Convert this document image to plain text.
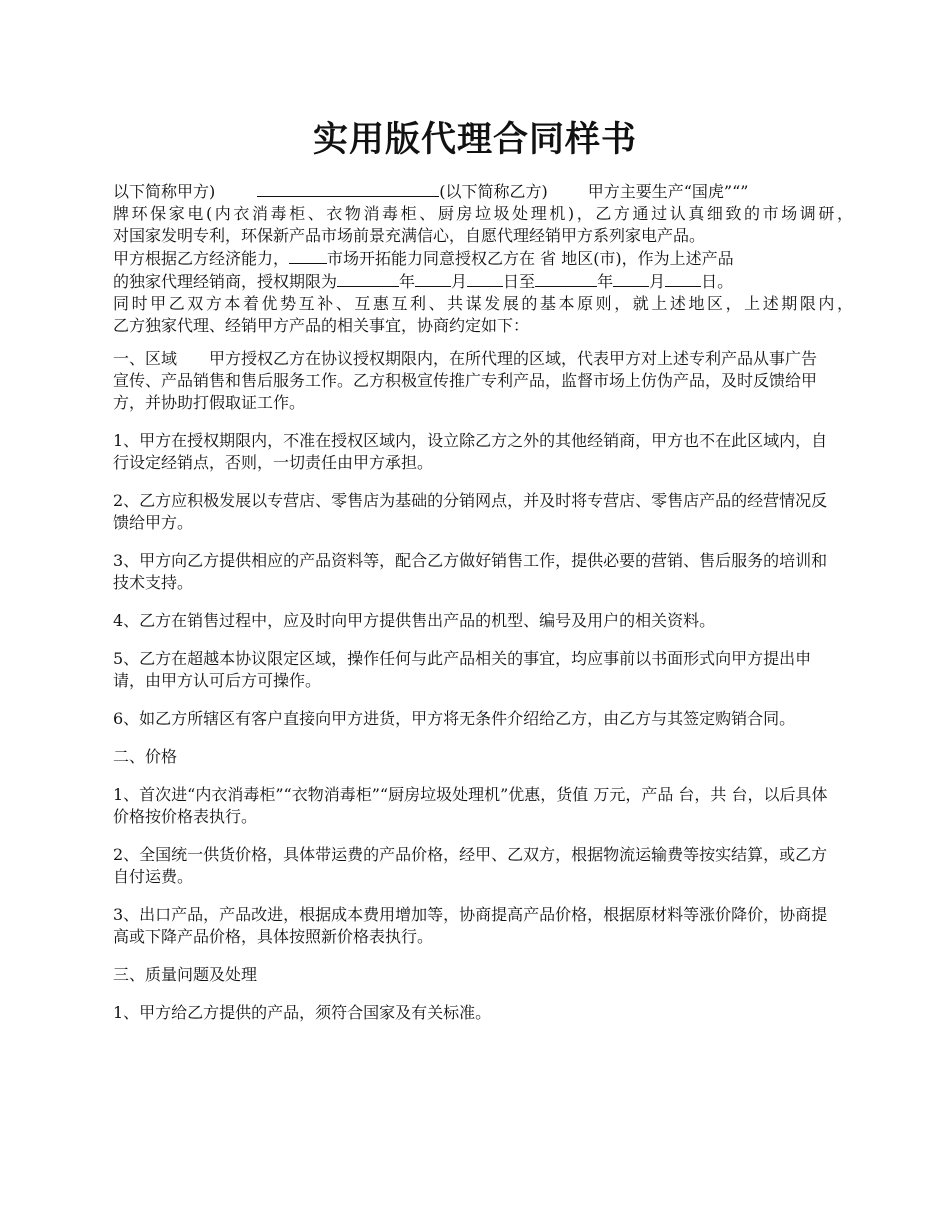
实用版代理合同样书
以下简称甲方)	(以下简称乙方)	甲方主要生产“国虎”“”
牌环保家电(内衣消毒柜、衣物消毒柜、厨房垃圾处理机)，乙方通过认真细致的市场调研，
对国家发明专利，环保新产品市场前景充满信心，自愿代理经销甲方系列家电产品。
甲方根据乙方经济能力， 市场开拓能力同意授权乙方在 省 地区(市)，作为上述产品
的独家代理经销商，授权期限为	年 月 日至	年 月 日。
同时甲乙双方本着优势互补、互惠互利、共谋发展的基本原则，就上述地区，上述期限内，
乙方独家代理、经销甲方产品的相关事宜，协商约定如下：

一、区域　　甲方授权乙方在协议授权期限内，在所代理的区域，代表甲方对上述专利产品从事广告宣传、产品销售和售后服务工作。乙方积极宣传推广专利产品，监督市场上仿伪产品，及时反馈给甲方，并协助打假取证工作。

1、甲方在授权期限内，不准在授权区域内，设立除乙方之外的其他经销商，甲方也不在此区域内，自行设定经销点，否则，一切责任由甲方承担。

2、乙方应积极发展以专营店、零售店为基础的分销网点，并及时将专营店、零售店产品的经营情况反馈给甲方。

3、甲方向乙方提供相应的产品资料等，配合乙方做好销售工作，提供必要的营销、售后服务的培训和技术支持。

4、乙方在销售过程中，应及时向甲方提供售出产品的机型、编号及用户的相关资料。

5、乙方在超越本协议限定区域，操作任何与此产品相关的事宜，均应事前以书面形式向甲方提出申请，由甲方认可后方可操作。

6、如乙方所辖区有客户直接向甲方进货，甲方将无条件介绍给乙方，由乙方与其签定购销合同。

二、价格

1、首次进“内衣消毒柜”“衣物消毒柜”“厨房垃圾处理机”优惠，货值 万元，产品 台，共 台，以后具体价格按价格表执行。

2、全国统一供货价格，具体带运费的产品价格，经甲、乙双方，根据物流运输费等按实结算，或乙方自付运费。

3、出口产品，产品改进，根据成本费用增加等，协商提高产品价格，根据原材料等涨价降价，协商提高或下降产品价格，具体按照新价格表执行。

三、质量问题及处理

1、甲方给乙方提供的产品，须符合国家及有关标准。
